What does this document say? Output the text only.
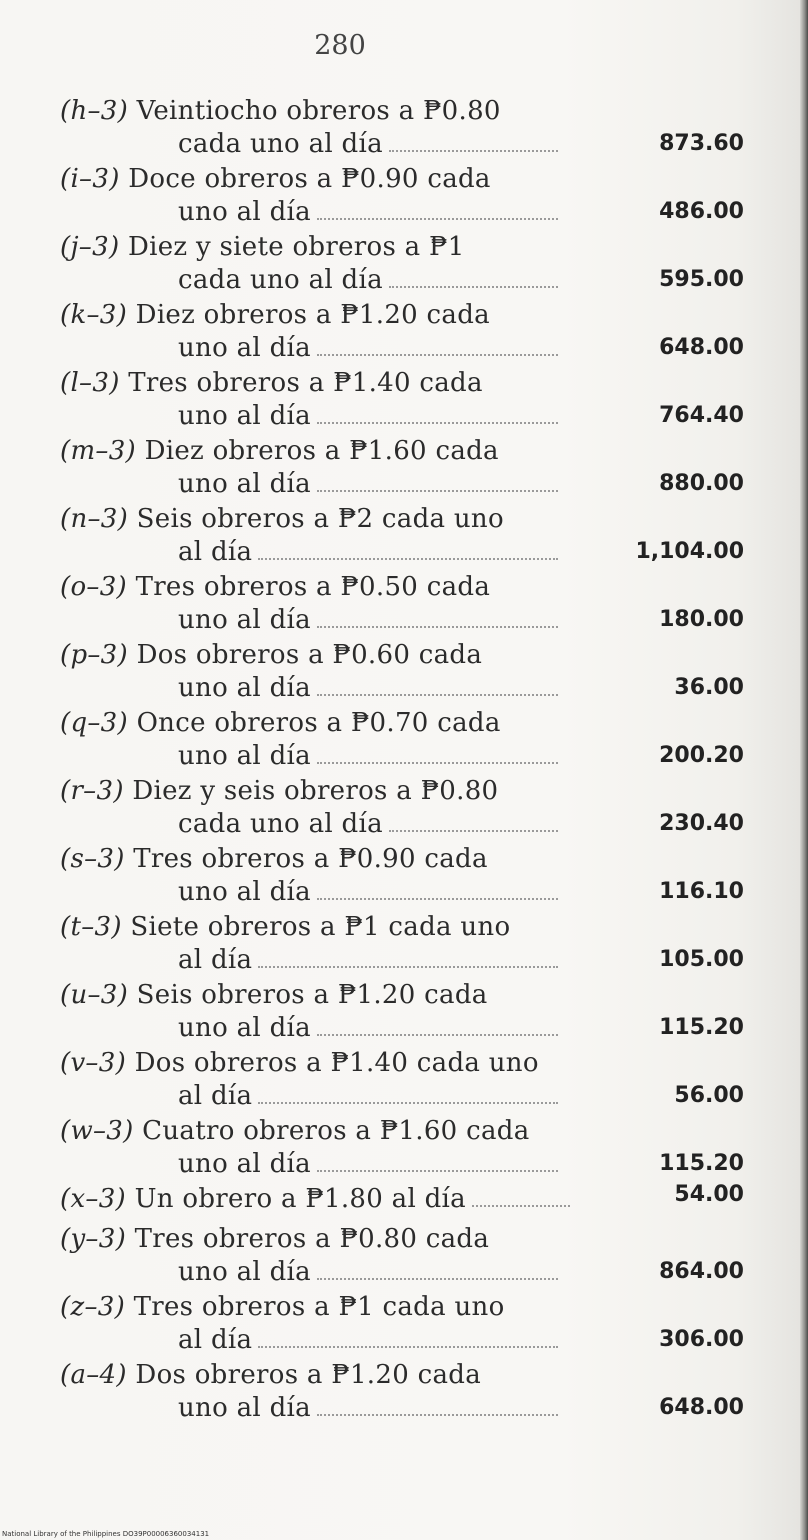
280
(h–3) Veintiocho obreros a ₱0.80
cada uno al día	873.60
(i–3) Doce obreros a ₱0.90 cada
uno al día	486.00
(j–3) Diez y siete obreros a ₱1
cada uno al día	595.00
(k–3) Diez obreros a ₱1.20 cada
uno al día	648.00
(l–3) Tres obreros a ₱1.40 cada
uno al día	764.40
(m–3) Diez obreros a ₱1.60 cada
uno al día	880.00
(n–3) Seis obreros a ₱2 cada uno
al día	1,104.00
(o–3) Tres obreros a ₱0.50 cada
uno al día	180.00
(p–3) Dos obreros a ₱0.60 cada
uno al día	36.00
(q–3) Once obreros a ₱0.70 cada
uno al día	200.20
(r–3) Diez y seis obreros a ₱0.80
cada uno al día	230.40
(s–3) Tres obreros a ₱0.90 cada
uno al día	116.10
(t–3) Siete obreros a ₱1 cada uno
al día	105.00
(u–3) Seis obreros a ₱1.20 cada
uno al día	115.20
(v–3) Dos obreros a ₱1.40 cada uno
al día	56.00
(w–3) Cuatro obreros a ₱1.60 cada
uno al día	115.20
(x–3)
Un obrero a ₱1.80 al día	54.00
(y–3) Tres obreros a ₱0.80 cada
uno al día	864.00
(z–3) Tres obreros a ₱1 cada uno
al día	306.00
(a–4) Dos obreros a ₱1.20 cada
uno al día	648.00
National Library of the Philippines DO39P00006360034131
